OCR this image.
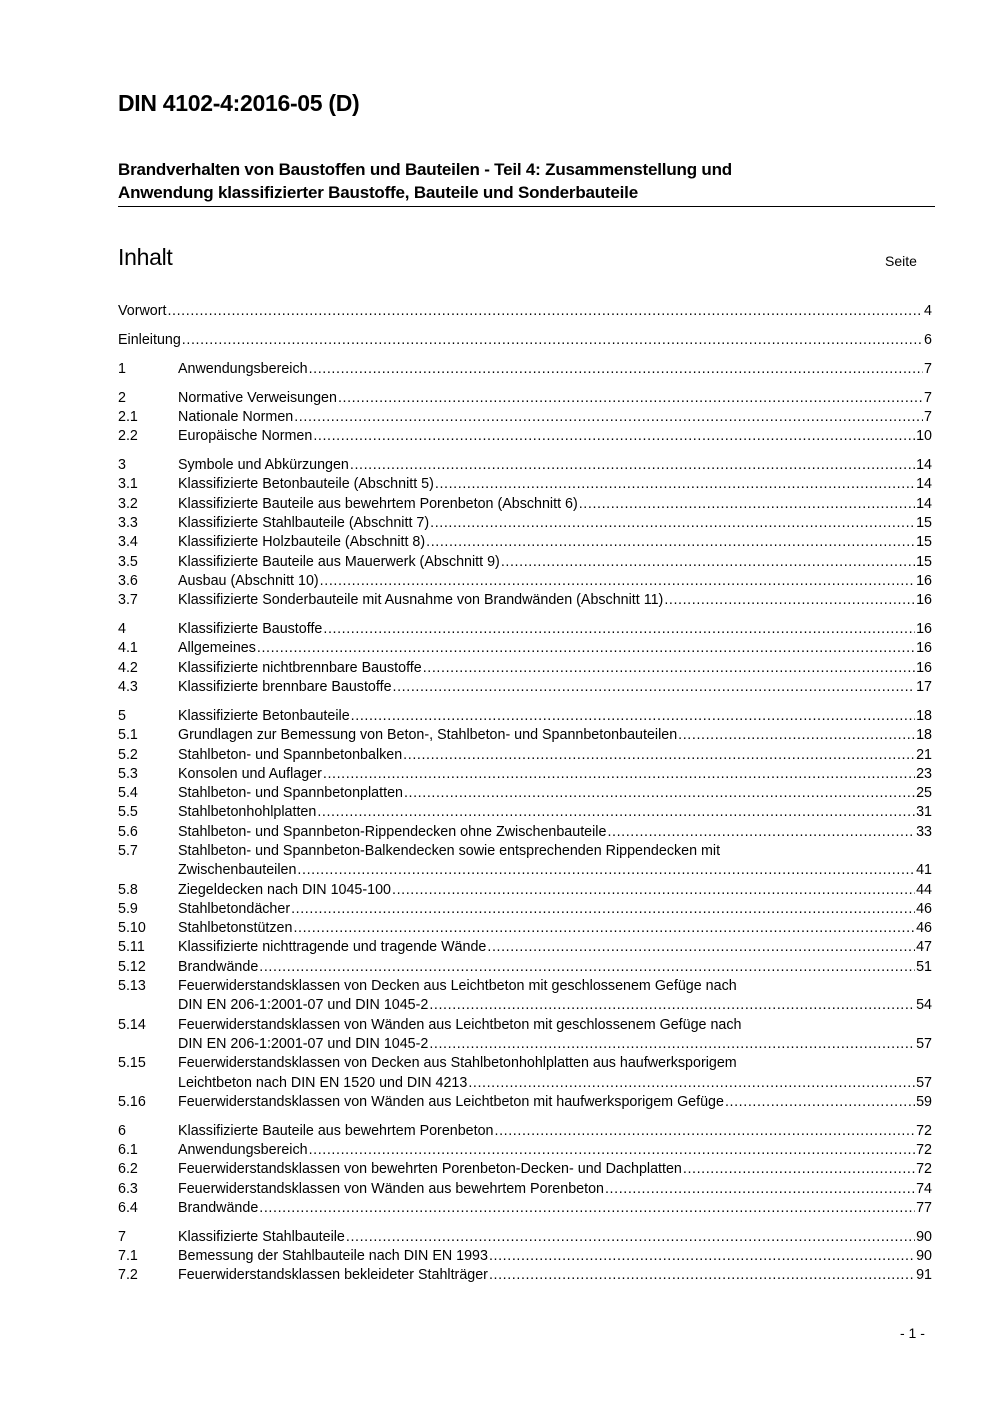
DIN 4102-4:2016-05 (D)
Brandverhalten von Baustoffen und Bauteilen - Teil 4: Zusammenstellung und
Anwendung klassifizierter Baustoffe, Bauteile und Sonderbauteile
Inhalt	Seite
Vorwort .....	4
Einleitung .....	6
1	Anwendungsbereich .....	7
2	Normative Verweisungen .....	7
2.1	Nationale Normen .....	7
2.2	Europäische Normen .....	10
3	Symbole und Abkürzungen .....	14
3.1	Klassifizierte Betonbauteile (Abschnitt 5) .....	14
3.2	Klassifizierte Bauteile aus bewehrtem Porenbeton (Abschnitt 6) .....	14
3.3	Klassifizierte Stahlbauteile (Abschnitt 7) .....	15
3.4	Klassifizierte Holzbauteile (Abschnitt 8) .....	15
3.5	Klassifizierte Bauteile aus Mauerwerk (Abschnitt 9) .....	15
3.6	Ausbau (Abschnitt 10) .....	16
3.7	Klassifizierte Sonderbauteile mit Ausnahme von Brandwänden (Abschnitt 11) .....	16
4	Klassifizierte Baustoffe .....	16
4.1	Allgemeines .....	16
4.2	Klassifizierte nichtbrennbare Baustoffe .....	16
4.3	Klassifizierte brennbare Baustoffe .....	17
5	Klassifizierte Betonbauteile .....	18
5.1	Grundlagen zur Bemessung von Beton-, Stahlbeton- und Spannbetonbauteilen .....	18
5.2	Stahlbeton- und Spannbetonbalken .....	21
5.3	Konsolen und Auflager .....	23
5.4	Stahlbeton- und Spannbetonplatten .....	25
5.5	Stahlbetonhohlplatten .....	31
5.6	Stahlbeton- und Spannbeton-Rippendecken ohne Zwischenbauteile .....	33
5.7	Stahlbeton- und Spannbeton-Balkendecken sowie entsprechenden Rippendecken mit
Zwischenbauteilen .....	41
5.8	Ziegeldecken nach DIN 1045-100 .....	44
5.9	Stahlbetondächer .....	46
5.10 Stahlbetonstützen .....	46
5.11 Klassifizierte nichttragende und tragende Wände .....	47
5.12 Brandwände .....	51
5.13 Feuerwiderstandsklassen von Decken aus Leichtbeton mit geschlossenem Gefüge nach
DIN EN 206-1:2001-07 und DIN 1045-2 .....	54
5.14 Feuerwiderstandsklassen von Wänden aus Leichtbeton mit geschlossenem Gefüge nach
DIN EN 206-1:2001-07 und DIN 1045-2 .....	57
5.15 Feuerwiderstandsklassen von Decken aus Stahlbetonhohlplatten aus haufwerksporigem
Leichtbeton nach DIN EN 1520 und DIN 4213 .....	57
5.16 Feuerwiderstandsklassen von Wänden aus Leichtbeton mit haufwerksporigem Gefüge .....	59
6	Klassifizierte Bauteile aus bewehrtem Porenbeton .....	72
6.1	Anwendungsbereich .....	72
6.2	Feuerwiderstandsklassen von bewehrten Porenbeton-Decken- und Dachplatten .....	72
6.3	Feuerwiderstandsklassen von Wänden aus bewehrtem Porenbeton .....	74
6.4	Brandwände .....	77
7	Klassifizierte Stahlbauteile .....	90
7.1	Bemessung der Stahlbauteile nach DIN EN 1993 .....	90
7.2	Feuerwiderstandsklassen bekleideter Stahlträger .....	91
- 1 -
